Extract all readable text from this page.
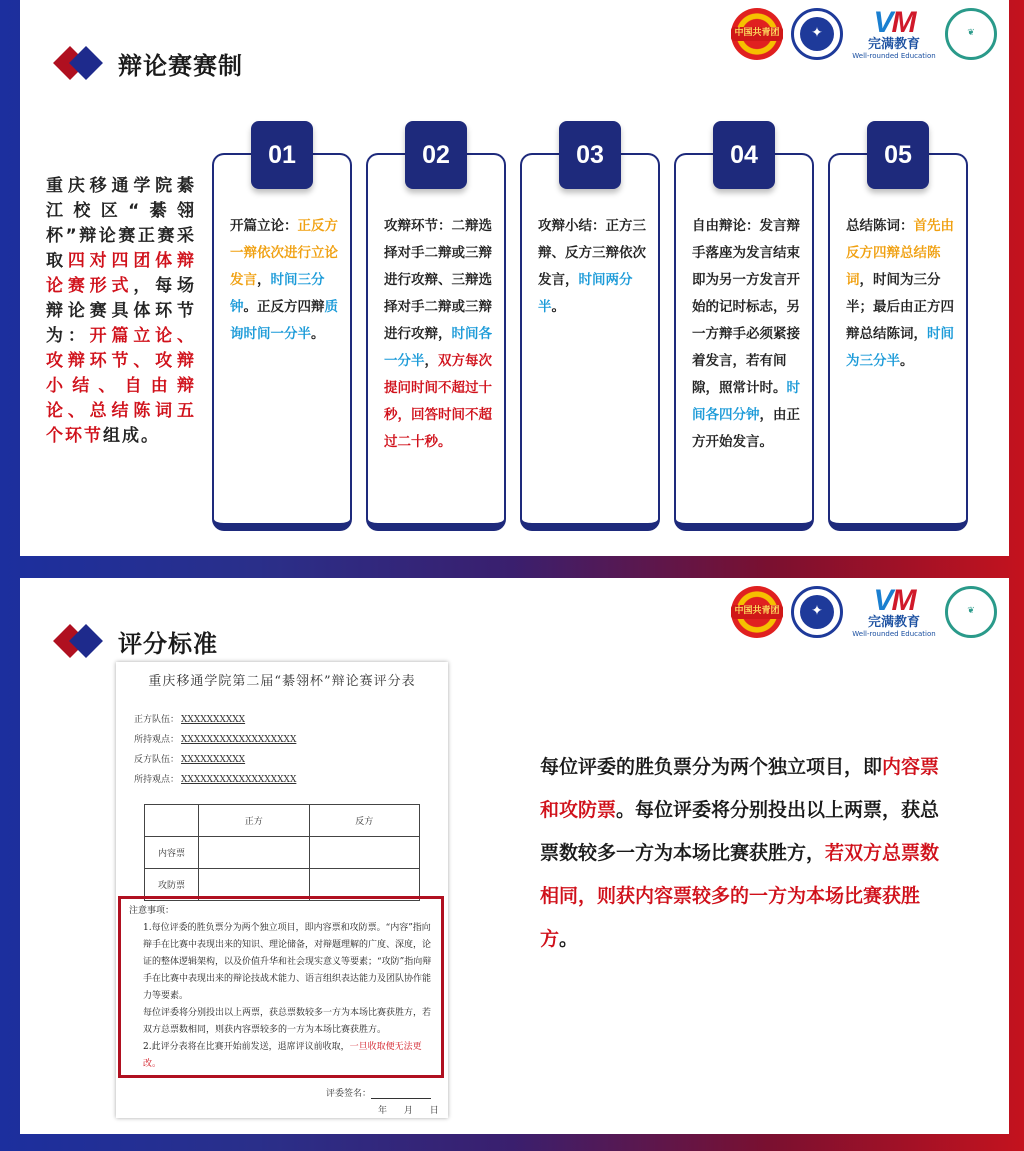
辩论赛赛制
中国共青团	✦	VM
完满教育
Well-rounded Education
❦
重庆移通学院綦江校区“綦翎杯”辩论赛正赛采取四对四团体辩论赛形式，每场辩论赛具体环节为：开篇立论、攻辩环节、攻辩小结、自由辩论、总结陈词五个环节组成。
01
开篇立论：正反方一辩依次进行立论发言，时间三分钟。正反方四辩质询时间一分半。
02
攻辩环节：二辩选择对手二辩或三辩进行攻辩、三辩选择对手二辩或三辩进行攻辩，时间各一分半，双方每次提问时间不超过十秒，回答时间不超过二十秒。
03
攻辩小结：正方三辩、反方三辩依次发言，时间两分半。
04
自由辩论：发言辩手落座为发言结束即为另一方发言开始的记时标志，另一方辩手必须紧接着发言，若有间隙，照常计时。时间各四分钟，由正方开始发言。
05
总结陈词：首先由反方四辩总结陈词，时间为三分半；最后由正方四辩总结陈词，时间为三分半。
评分标准
中国共青团	✦	VM
完满教育
Well-rounded Education
❦
重庆移通学院第二届“綦翎杯”辩论赛评分表
正方队伍： XXXXXXXXXX
所持观点： XXXXXXXXXXXXXXXXXX
反方队伍： XXXXXXXXXX
所持观点： XXXXXXXXXXXXXXXXXX
	正方	反方
内容票		
攻防票		

注意事项：

1.每位评委的胜负票分为两个独立项目，即内容票和攻防票。“内容”指向辩手在比赛中表现出来的知识、理论储备，对辩题理解的广度、深度，论证的整体逻辑架构，以及价值升华和社会现实意义等要素；“攻防”指向辩手在比赛中表现出来的辩论技战术能力、语言组织表达能力及团队协作能力等要素。

每位评委将分别投出以上两票，获总票数较多一方为本场比赛获胜方，若双方总票数相同，则获内容票较多的一方为本场比赛获胜方。

2.此评分表将在比赛开始前发送，退席评议前收取，一旦收取便无法更改。

评委签名：
年 月 日
每位评委的胜负票分为两个独立项目，即内容票和攻防票。每位评委将分别投出以上两票，获总票数较多一方为本场比赛获胜方，若双方总票数相同，则获内容票较多的一方为本场比赛获胜方。
